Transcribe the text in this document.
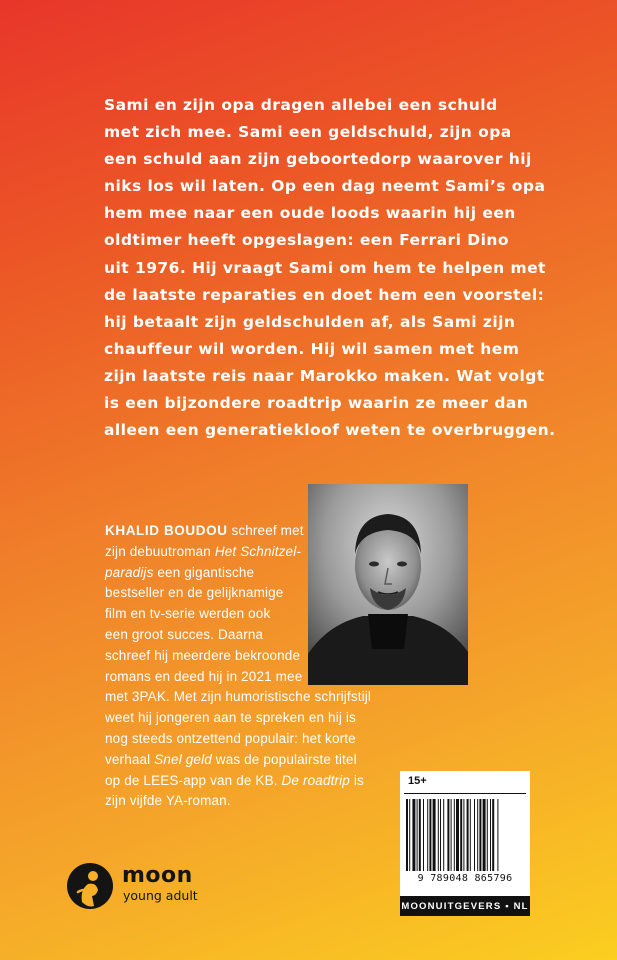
Sami en zijn opa dragen allebei een schuld
met zich mee. Sami een geldschuld, zijn opa
een schuld aan zijn geboortedorp waarover hij
niks los wil laten. Op een dag neemt Sami’s opa
hem mee naar een oude loods waarin hij een
oldtimer heeft opgeslagen: een Ferrari Dino
uit 1976. Hij vraagt Sami om hem te helpen met
de laatste reparaties en doet hem een voorstel:
hij betaalt zijn geldschulden af, als Sami zijn
chauffeur wil worden. Hij wil samen met hem
zijn laatste reis naar Marokko maken. Wat volgt
is een bijzondere roadtrip waarin ze meer dan
alleen een generatiekloof weten te overbruggen.

KHALID BOUDOU schreef met
zijn debuutroman Het Schnitzel-
paradijs een gigantische
bestseller en de gelijknamige
film en tv-serie werden ook
een groot succes. Daarna
schreef hij meerdere bekroonde
romans en deed hij in 2021 mee
met 3PAK. Met zijn humoristische schrijfstijl
weet hij jongeren aan te spreken en hij is
nog steeds ontzettend populair: het korte
verhaal Snel geld was de populairste titel
op de LEES-app van de KB. De roadtrip is
zijn vijfde YA-roman.
15+
9 789048 865796
MOONUITGEVERS • NL
moon
young adult
